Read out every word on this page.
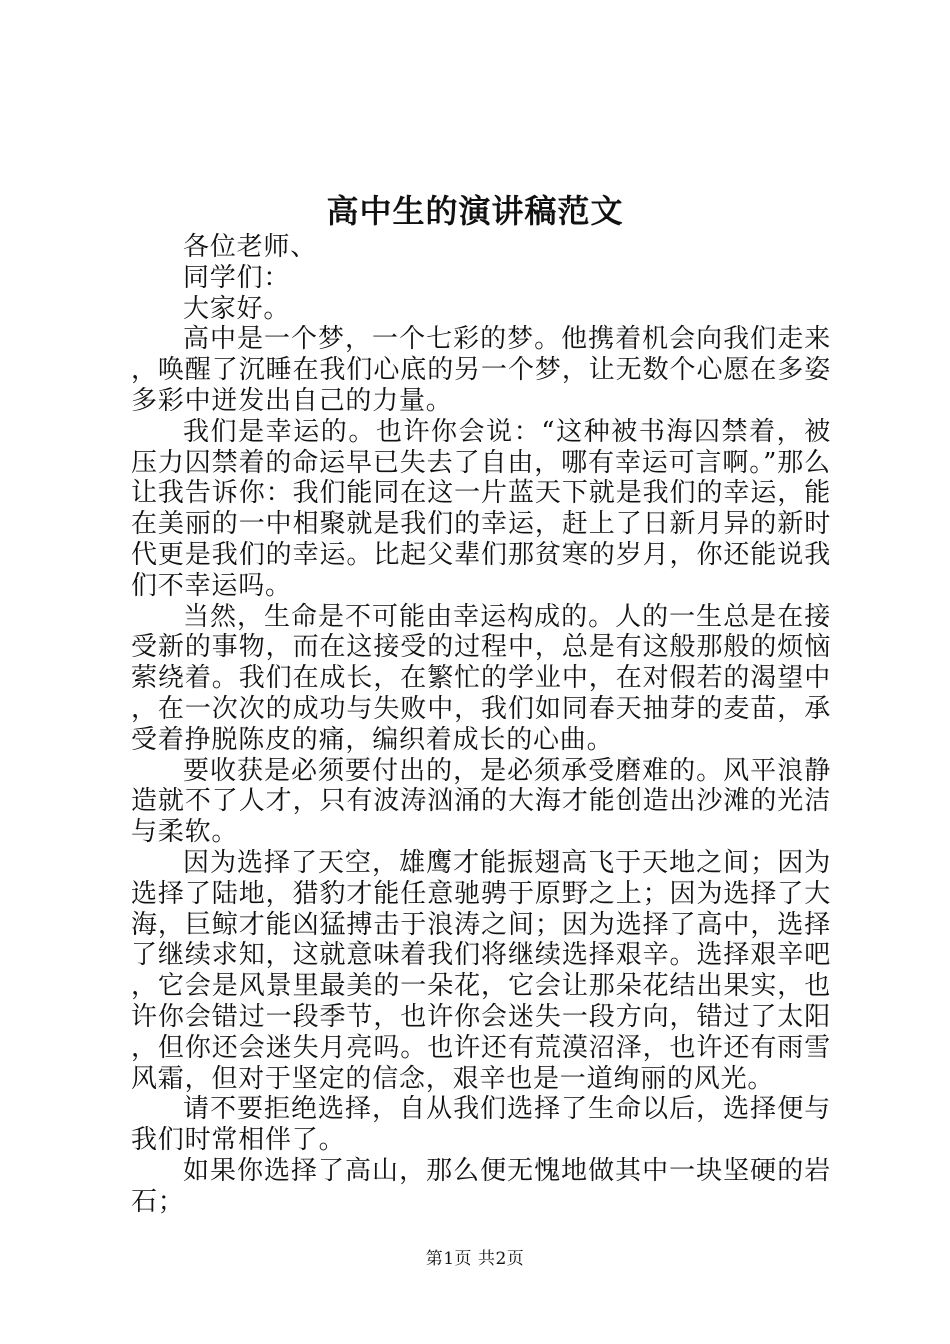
高中生的演讲稿范文

各位老师、

同学们：

大家好。

高中是一个梦，一个七彩的梦。他携着机会向我们走来，唤醒了沉睡在我们心底的另一个梦，让无数个心愿在多姿多彩中迸发出自己的力量。

我们是幸运的。也许你会说：“这种被书海囚禁着，被压力囚禁着的命运早已失去了自由，哪有幸运可言啊。”那么让我告诉你：我们能同在这一片蓝天下就是我们的幸运，能在美丽的一中相聚就是我们的幸运，赶上了日新月异的新时代更是我们的幸运。比起父辈们那贫寒的岁月，你还能说我们不幸运吗。

当然，生命是不可能由幸运构成的。人的一生总是在接受新的事物，而在这接受的过程中，总是有这般那般的烦恼萦绕着。我们在成长，在繁忙的学业中，在对假若的渴望中，在一次次的成功与失败中，我们如同春天抽芽的麦苗，承受着挣脱陈皮的痛，编织着成长的心曲。

要收获是必须要付出的，是必须承受磨难的。风平浪静造就不了人才，只有波涛汹涌的大海才能创造出沙滩的光洁与柔软。

因为选择了天空，雄鹰才能振翅高飞于天地之间；因为选择了陆地，猎豹才能任意驰骋于原野之上；因为选择了大海，巨鲸才能凶猛搏击于浪涛之间；因为选择了高中，选择了继续求知，这就意味着我们将继续选择艰辛。选择艰辛吧，它会是风景里最美的一朵花，它会让那朵花结出果实，也许你会错过一段季节，也许你会迷失一段方向，错过了太阳，但你还会迷失月亮吗。也许还有荒漠沼泽，也许还有雨雪风霜，但对于坚定的信念，艰辛也是一道绚丽的风光。

请不要拒绝选择，自从我们选择了生命以后，选择便与我们时常相伴了。

如果你选择了高山，那么便无愧地做其中一块坚硬的岩石；

第1页 共2页
